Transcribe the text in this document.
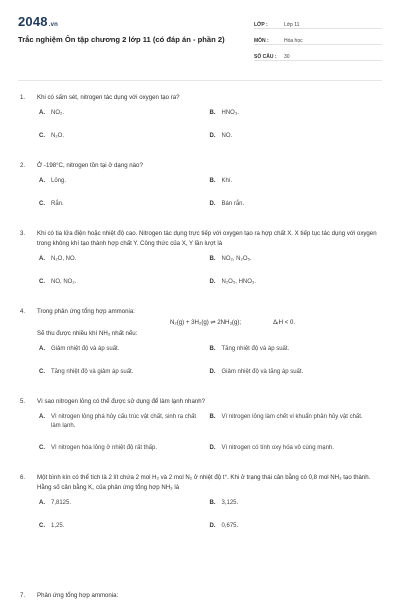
2048.vn
Trắc nghiệm Ôn tập chương 2 lớp 11 (có đáp án - phần 2)
LỚP :	Lớp 11
MÔN :	Hóa học
SỐ CÂU :	30
1.	Khi có sấm sét, nitrogen tác dụng với oxygen tạo ra?
A.	NO₂.	B.	HNO₃.
C.	N₂O.	D.	NO.
2.	Ở -198°C, nitrogen tồn tại ở dạng nào?
A.	Lỏng.	B.	Khí.
C.	Rắn.	D.	Bán rắn.
3.	Khi có tia lửa điện hoặc nhiệt độ cao. Nitrogen tác dụng trực tiếp với oxygen tạo ra hợp chất X. X tiếp tục tác dụng với oxygen trong không khí tạo thành hợp chất Y. Công thức của X, Y lần lượt là
A.	N₂O, NO.	B.	NO₂, N₂O₅.
C.	NO, NO₂.	D.	N₂O₅, HNO₃.
4.	Trong phản ứng tổng hợp ammonia:
N₂(g) + 3H₂(g) ⇌ 2NH₃(g);	ΔᵣH < 0.
Sẽ thu được nhiều khí NH₃ nhất nếu:
A.	Giảm nhiệt độ và áp suất.	B.	Tăng nhiệt độ và áp suất.
C.	Tăng nhiệt độ và giảm áp suất.	D.	Giảm nhiệt độ và tăng áp suất.
5.	Vì sao nitrogen lỏng có thể được sử dụng để làm lạnh nhanh?
A.	Vì nitrogen lỏng phá hủy cấu trúc vật chất, sinh ra chất làm lạnh.
B.	Vì nitrogen lỏng làm chết vi khuẩn phân hủy vật chất.
C.	Vì nitrogen hóa lỏng ở nhiệt độ rất thấp.	D.	Vì nitrogen có tính oxy hóa vô cùng mạnh.
6.	Một bình kín có thể tích là 2 lít chứa 2 mol H₂ và 2 mol N₂ ở nhiệt độ t°. Khi ở trạng thái cân bằng có 0,8 mol NH₃ tạo thành. Hằng số cân bằng K꜀ của phản ứng tổng hợp NH₃ là
A.	7,8125.	B.	3,125.
C.	1,25.	D.	0,675.
7. Phản ứng tổng hợp ammonia:
